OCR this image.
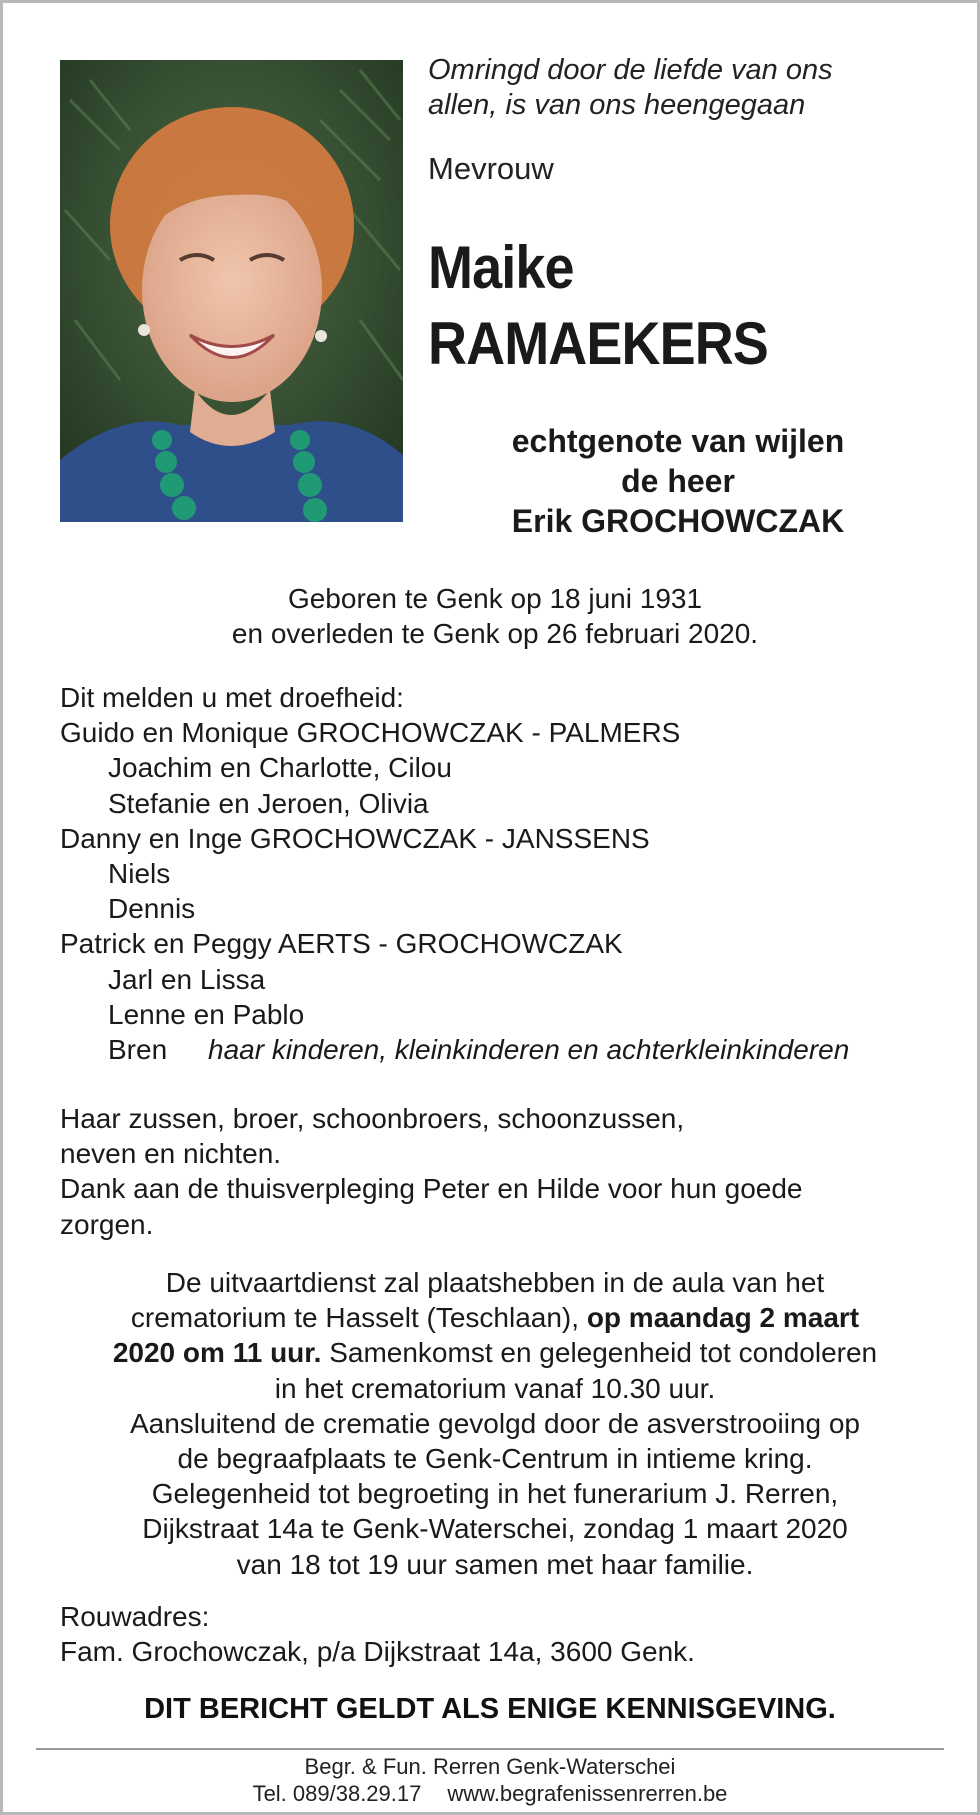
Omringd door de liefde van ons
allen, is van ons heengegaan
Mevrouw
Maike
RAMAEKERS
echtgenote van wijlen
de heer
Erik GROCHOWCZAK
Geboren te Genk op 18 juni 1931
en overleden te Genk op 26 februari 2020.
Dit melden u met droefheid:
Guido en Monique GROCHOWCZAK - PALMERS
Joachim en Charlotte, Cilou
Stefanie en Jeroen, Olivia
Danny en Inge GROCHOWCZAK - JANSSENS
Niels
Dennis
Patrick en Peggy AERTS - GROCHOWCZAK
Jarl en Lissa
Lenne en Pablo
Bren	haar kinderen, kleinkinderen en achterkleinkinderen
Haar zussen, broer, schoonbroers, schoonzussen,
neven en nichten.
Dank aan de thuisverpleging Peter en Hilde voor hun goede
zorgen.
De uitvaartdienst zal plaatshebben in de aula van het
crematorium te Hasselt (Teschlaan), op maandag 2 maart
2020 om 11 uur. Samenkomst en gelegenheid tot condoleren
in het crematorium vanaf 10.30 uur.
Aansluitend de crematie gevolgd door de asverstrooiing op
de begraafplaats te Genk-Centrum in intieme kring.
Gelegenheid tot begroeting in het funerarium J. Rerren,
Dijkstraat 14a te Genk-Waterschei, zondag 1 maart 2020
van 18 tot 19 uur samen met haar familie.
Rouwadres:
Fam. Grochowczak, p/a Dijkstraat 14a, 3600 Genk.
DIT BERICHT GELDT ALS ENIGE KENNISGEVING.
Begr. & Fun. Rerren Genk-Waterschei
Tel. 089/38.29.17 www.begrafenissenrerren.be
